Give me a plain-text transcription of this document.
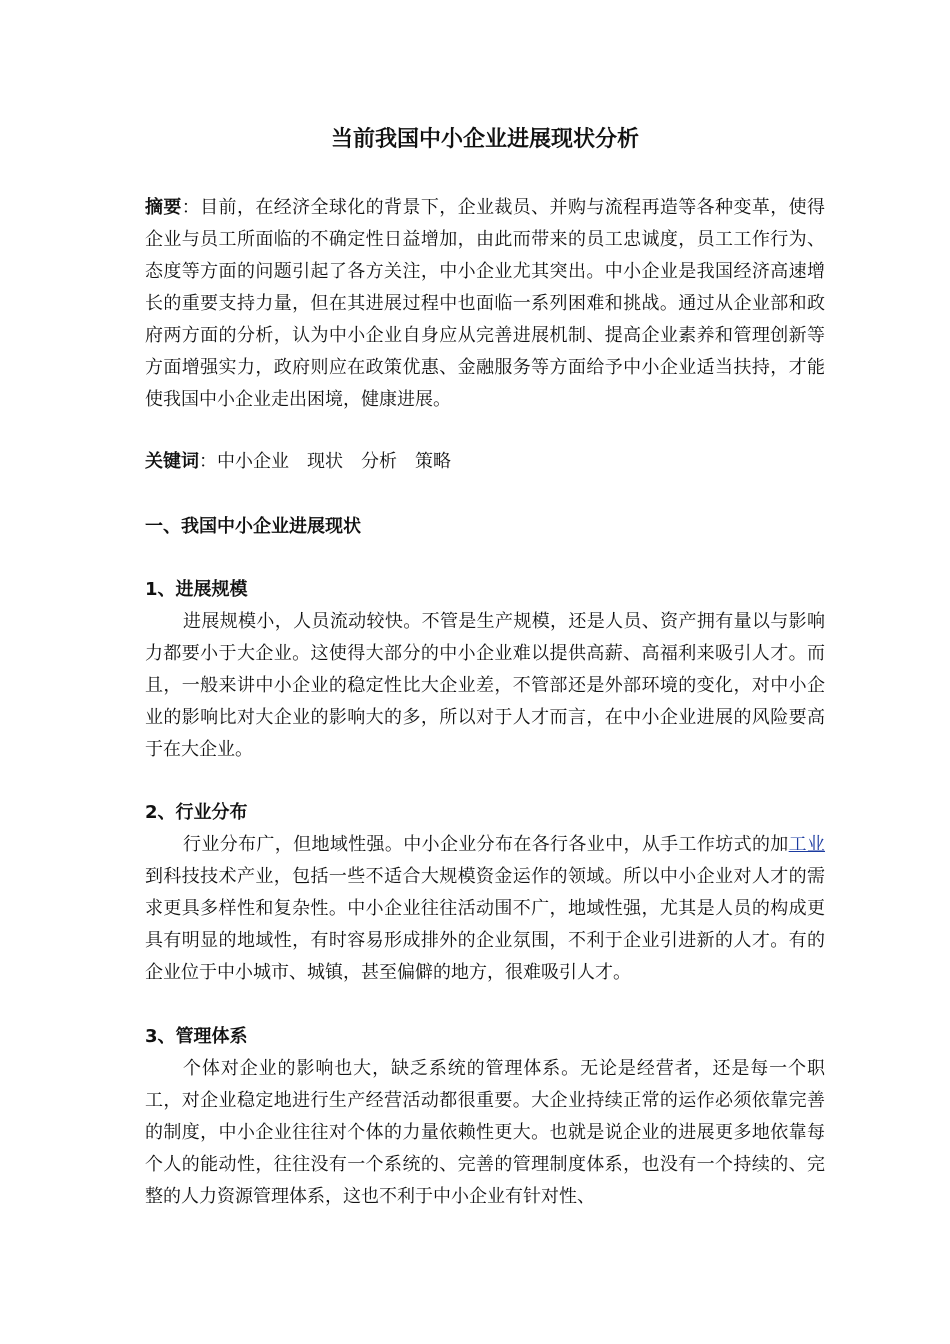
当前我国中小企业进展现状分析

摘要：目前，在经济全球化的背景下，企业裁员、并购与流程再造等各种变革，使得企业与员工所面临的不确定性日益增加，由此而带来的员工忠诚度，员工工作行为、态度等方面的问题引起了各方关注，中小企业尤其突出。中小企业是我国经济高速增长的重要支持力量，但在其进展过程中也面临一系列困难和挑战。通过从企业部和政府两方面的分析，认为中小企业自身应从完善进展机制、提高企业素养和管理创新等方面增强实力，政府则应在政策优惠、金融服务等方面给予中小企业适当扶持，才能使我国中小企业走出困境，健康进展。

关键词：中小企业 现状 分析 策略

一、我国中小企业进展现状
1、进展规模

进展规模小，人员流动较快。不管是生产规模，还是人员、资产拥有量以与影响力都要小于大企业。这使得大部分的中小企业难以提供高薪、高福利来吸引人才。而且，一般来讲中小企业的稳定性比大企业差，不管部还是外部环境的变化，对中小企业的影响比对大企业的影响大的多，所以对于人才而言，在中小企业进展的风险要高于在大企业。

2、行业分布

行业分布广，但地域性强。中小企业分布在各行各业中，从手工作坊式的加工业到科技技术产业，包括一些不适合大规模资金运作的领域。所以中小企业对人才的需求更具多样性和复杂性。中小企业往往活动围不广，地域性强，尤其是人员的构成更具有明显的地域性，有时容易形成排外的企业氛围，不利于企业引进新的人才。有的企业位于中小城市、城镇，甚至偏僻的地方，很难吸引人才。

3、管理体系

个体对企业的影响也大，缺乏系统的管理体系。无论是经营者，还是每一个职工，对企业稳定地进行生产经营活动都很重要。大企业持续正常的运作必须依靠完善的制度，中小企业往往对个体的力量依赖性更大。也就是说企业的进展更多地依靠每个人的能动性，往往没有一个系统的、完善的管理制度体系，也没有一个持续的、完整的人力资源管理体系，这也不利于中小企业有针对性、
